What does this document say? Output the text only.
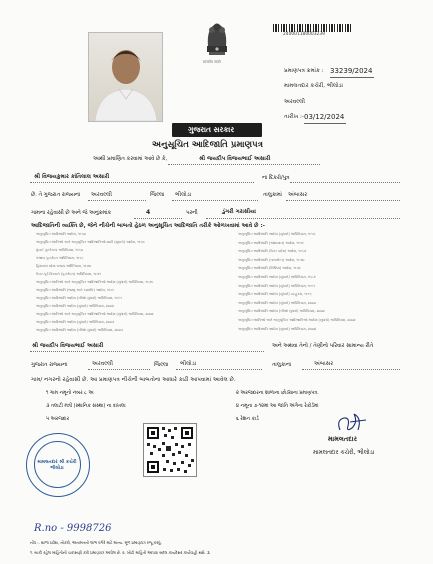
सत्यमेव जयते
240001180003239
પ્રમાણપત્ર ક્રમાંક : 33239/2024
મામલતદાર કચેરી, ભીલોડા
અરવલ્લી
તારીખ :- 03/12/2024
ગુજરાત સરકાર
અનુસૂચિત આદિજાતિ પ્રમાણપત્ર
આથી પ્રમાણિત કરવામાં આવે છે કે,	શ્રી જયદીપ વિજયભાઈ અસારી
શ્રી વિજયકુમાર કાંતિલાલ અસારી	ના દિકરો/પુત્ર
છે. તે ગુજરાત રાજ્યના અરવલ્લી	જિલ્લા ભીલોડા	તાલુકામાં અંબાસર
ગામના રહેવાસી છે અને જે અનુક્રમાંક	4	પરની	ડુંગરી ગરાસીયા
આદિજાતિની વ્યક્તિ છે, જેને નીચેની બાબતો હેઠળ અનુસૂચિત આદિજાતિ તરીકે ઓળખવામાં આવે છે :-
અનુસૂચિત આદિજાતિ આદેશ, ૧૯૫૦
અનુસૂચિત જાતિઓ અને અનુસૂચિત આદિજાતિઓ યાદી (સુધારો) આદેશ, ૧૯૫૬
મુંબઈ પુનર્રચના અધિનિયમ, ૧૯૬૦
પંજાબ પુનર્ગઠન અધિનિયમ, ૧૯૬૬
હિમાચલ પ્રદેશ રાજ્ય અધિનિયમ, ૧૯૭૦
ઉત્તર-પૂર્વ વિસ્તારો (પુનર્ગઠન) અધિનિયમ, ૧૯૭૧
અનુસૂચિત જાતિઓ અને અનુસૂચિત આદિજાતિઓ આદેશ (સુધારો) અધિનિયમ, ૧૯૭૬
અનુસૂચિત આદિજાતિ (જમ્મુ અને કાશ્મીર) આદેશ, ૧૯૮૯
અનુસૂચિત આદિજાતિ આદેશ (બીજો સુધારો) અધિનિયમ, ૧૯૯૧
અનુસૂચિત આદિજાતિ આદેશ (સુધારો) અધિનિયમ, ૨૦૦૨
અનુસૂચિત જાતિઓ અને અનુસૂચિત આદિજાતિઓ આદેશ (સુધારો) અધિનિયમ, ૨૦૦૨
અનુસૂચિત આદિજાતિ આદેશ (સુધારો) અધિનિયમ, ૨૦૦૩
અનુસૂચિત આદિજાતિ આદેશ (બીજો સુધારો) અધિનિયમ, ૨૦૦૩
અનુસૂચિત આદિજાતિ આદેશ (સુધારો) અધિનિયમ, ૧૯૫૬
અનુસૂચિત આદિજાતિ (આંદામાન) આદેશ, ૧૯૫૯
અનુસૂચિત આદિજાતિ (ઉત્તર પ્રદેશ) આદેશ, ૧૯૬૭
અનુસૂચિત આદિજાતિ (નાગાલેન્ડ) આદેશ, ૧૯૭૦
અનુસૂચિત આદિજાતિ (સિક્કિમ) આદેશ, ૧૯૭૮
અનુસૂચિત આદિજાતિ આદેશ (સુધારો) અધિનિયમ, ૧૯૮૭
અનુસૂચિત આદિજાતિ આદેશ (સુધારો) અધિનિયમ, ૧૯૯૧
અનુસૂચિત આદિજાતિ આદેશ (સુધારો) વટહુકમ, ૧૯૯૬
અનુસૂચિત આદિજાતિ આદેશ (સુધારો) અધિનિયમ, ૨૦૦૦
અનુસૂચિત આદિજાતિ આદેશ (બીજો સુધારો) અધિનિયમ, ૨૦૦૨
અનુસૂચિત જાતિઓ અને અનુસૂચિત આદિજાતિઓ આદેશ (સુધારો) અધિનિયમ, ૨૦૦૨
અનુસૂચિત આદિજાતિ આદેશ (સુધારો) અધિનિયમ, ૨૦૦૪
શ્રી જયદીપ વિજયભાઈ અસારી	અને અથવા તેનો / તેણીનો પરિવાર સામાન્ય રીતે
ગુજરાત રાજ્યના	અરવલ્લી	જિલ્લા ભીલોડા	તાલુકાના	અંબાસર
ગામ/ નગરનો રહેવાસી છે. આ પ્રમાણપત્ર નીચેની બાબતોના આધારે કાઢી આપવામાં આવેલ છે.
૧ ગામ નમૂનો નંબર ૮ અ	૨ અરજદારના શાળાના છોડ્યાના પ્રમાણપત્ર.
૩ તલાટી મંત્રી (સ્થાનિક સંસ્થા) ના દાખલા	૪ નમૂના ૭-૧૨માં આ જાતિ અંગેના રેકોર્ડમાં
૫ અરજદાર	૬ રેશન કાર્ડ
મામલતદાર શ્રી કચેરી ભીલોડા
મામલતદાર
મામલતદાર કચેરી, ભીલોડા
R.no - 9998726
નોંધ :- શાળા પ્રવેશ, નોકરી, અનામતનો લાભ વગેરે માટે માન્ય. મૂળ પ્રમાણપત્ર રજૂ કરવું.
૧. બાકી રહેલ માહિતીની ચકાસણી કરી પ્રમાણપત્ર આપેલ છે. ૨. ખોટી માહિતી આપવા બદલ કાયદેસર કાર્યવાહી થશે. ૩.
